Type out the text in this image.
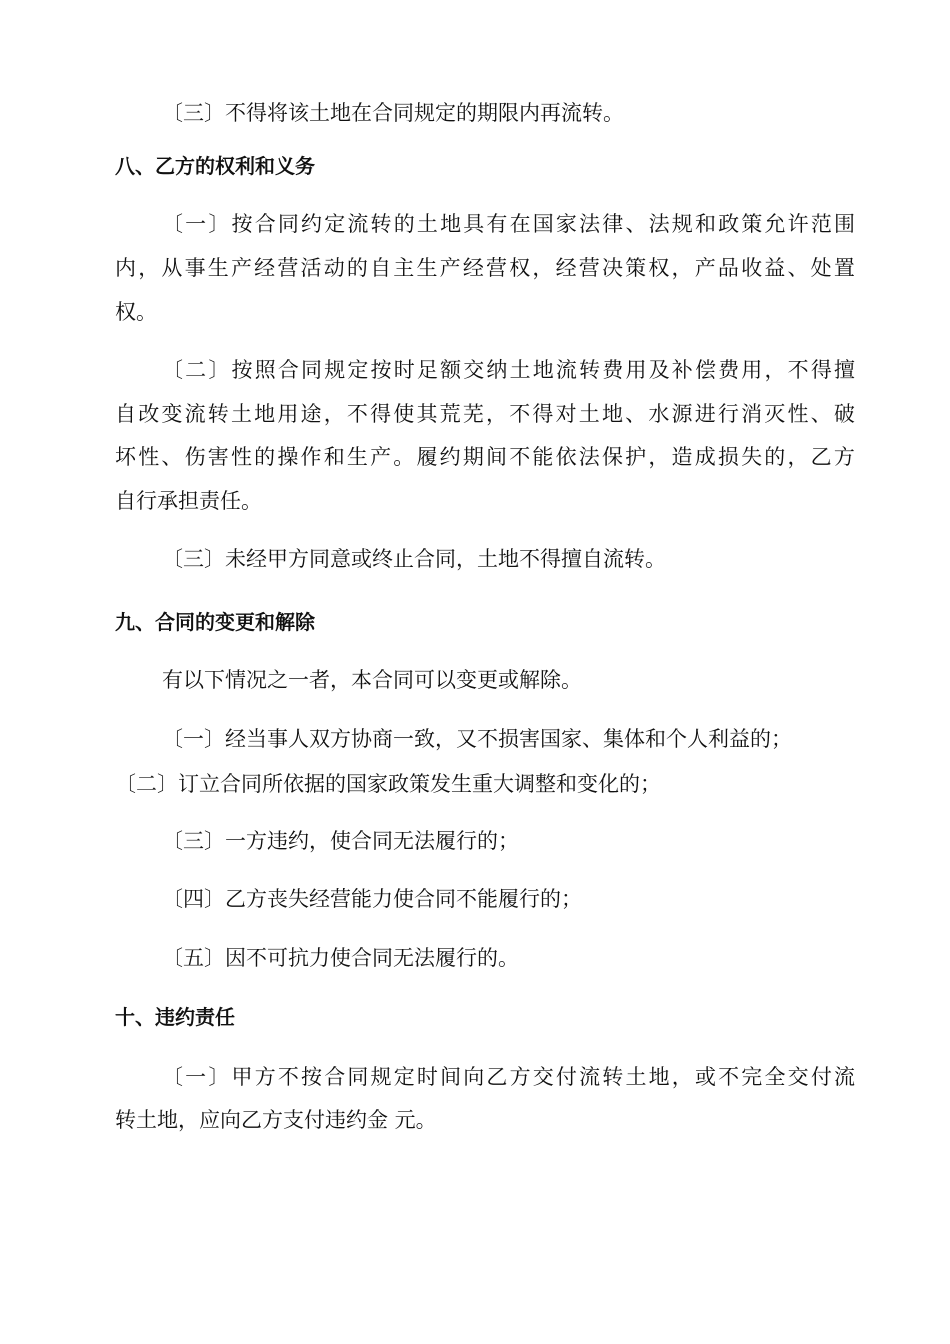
〔三〕不得将该土地在合同规定的期限内再流转。
八、乙方的权利和义务
〔 一 〕 按 合 同 约 定 流 转 的 土 地 具 有 在 国 家 法 律 、 法 规 和 政 策 允 许 范 围
内 ， 从 事 生 产 经 营 活 动 的 自 主 生 产 经 营 权 ， 经 营 决 策 权 ， 产 品 收 益 、 处 置
权。
〔 二 〕 按 照 合 同 规 定 按 时 足 额 交 纳 土 地 流 转 费 用 及 补 偿 费 用 ， 不 得 擅
自 改 变 流 转 土 地 用 途 ， 不 得 使 其 荒 芜 ， 不 得 对 土 地 、 水 源 进 行 消 灭 性 、 破
坏 性 、 伤 害 性 的 操 作 和 生 产 。 履 约 期 间 不 能 依 法 保 护 ， 造 成 损 失 的 ， 乙 方
自行承担责任。
〔三〕未经甲方同意或终止合同，土地不得擅自流转。
九、合同的变更和解除
有以下情况之一者，本合同可以变更或解除。
〔一〕经当事人双方协商一致，又不损害国家、集体和个人利益的；
〔二〕订立合同所依据的国家政策发生重大调整和变化的；
〔三〕一方违约，使合同无法履行的；
〔四〕乙方丧失经营能力使合同不能履行的；
〔五〕因不可抗力使合同无法履行的。
十、违约责任
〔 一 〕 甲 方 不 按 合 同 规 定 时 间 向 乙 方 交 付 流 转 土 地 ， 或 不 完 全 交 付 流
转土地，应向乙方支付违约金 元。
